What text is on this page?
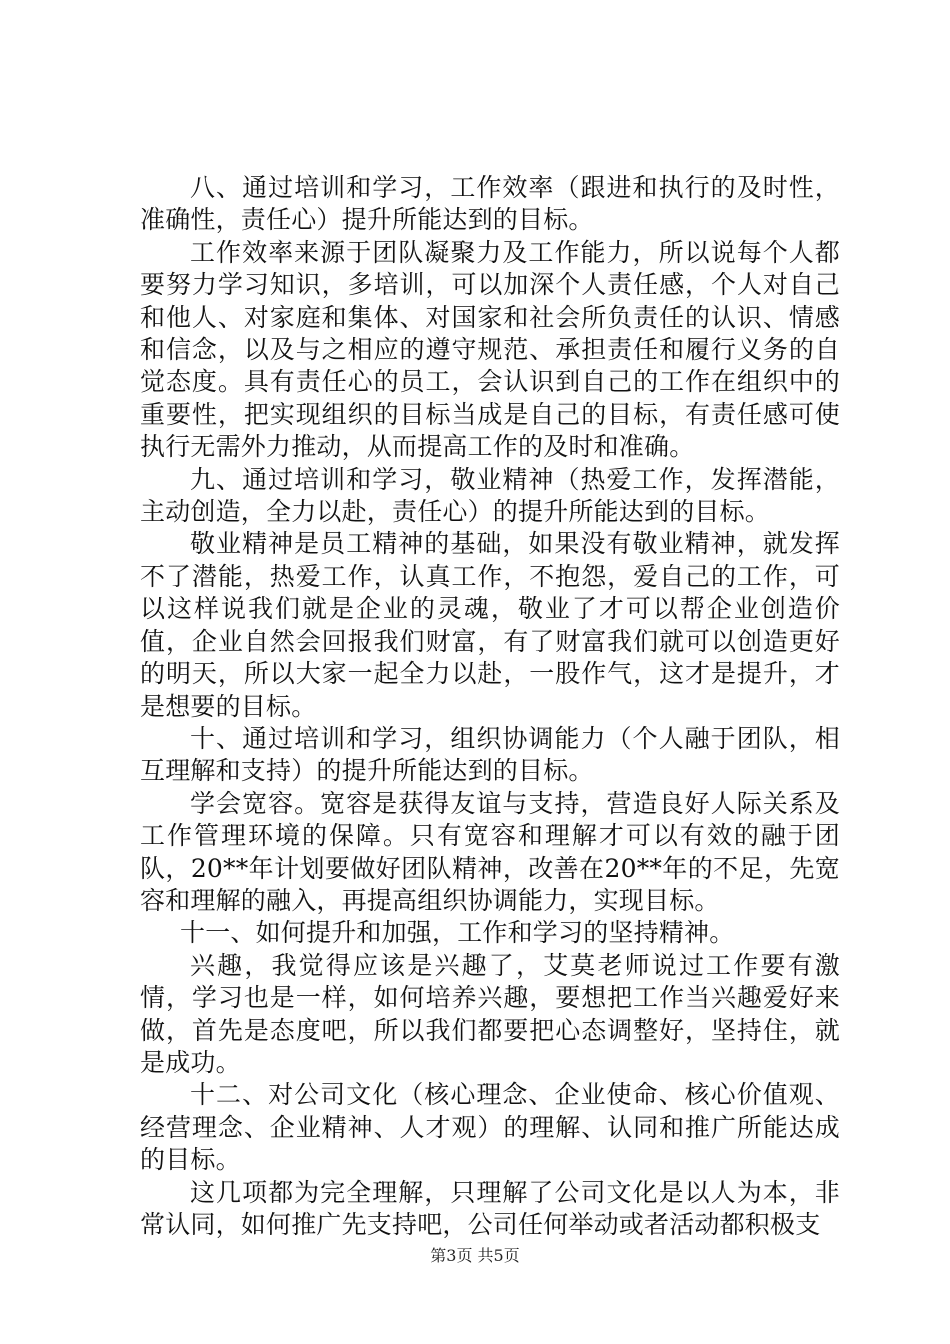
八、通过培训和学习，工作效率（跟进和执行的及时性，准确性，责任心）提升所能达到的目标。

工作效率来源于团队凝聚力及工作能力，所以说每个人都要努力学习知识，多培训，可以加深个人责任感，个人对自己和他人、对家庭和集体、对国家和社会所负责任的认识、情感和信念，以及与之相应的遵守规范、承担责任和履行义务的自觉态度。具有责任心的员工，会认识到自己的工作在组织中的重要性，把实现组织的目标当成是自己的目标，有责任感可使执行无需外力推动，从而提高工作的及时和准确。

九、通过培训和学习，敬业精神（热爱工作，发挥潜能，主动创造，全力以赴，责任心）的提升所能达到的目标。

敬业精神是员工精神的基础，如果没有敬业精神，就发挥不了潜能，热爱工作，认真工作，不抱怨，爱自己的工作，可以这样说我们就是企业的灵魂，敬业了才可以帮企业创造价值，企业自然会回报我们财富，有了财富我们就可以创造更好的明天，所以大家一起全力以赴，一股作气，这才是提升，才是想要的目标。

十、通过培训和学习，组织协调能力（个人融于团队，相互理解和支持）的提升所能达到的目标。

学会宽容。宽容是获得友谊与支持，营造良好人际关系及工作管理环境的保障。只有宽容和理解才可以有效的融于团队，20**年计划要做好团队精神，改善在20**年的不足，先宽容和理解的融入，再提高组织协调能力，实现目标。

十一、如何提升和加强，工作和学习的坚持精神。

兴趣，我觉得应该是兴趣了，艾莫老师说过工作要有激情，学习也是一样，如何培养兴趣，要想把工作当兴趣爱好来做，首先是态度吧，所以我们都要把心态调整好，坚持住，就是成功。

十二、对公司文化（核心理念、企业使命、核心价值观、经营理念、企业精神、人才观）的理解、认同和推广所能达成的目标。

这几项都为完全理解，只理解了公司文化是以人为本，非常认同，如何推广先支持吧，公司任何举动或者活动都积极支

第3页 共5页
